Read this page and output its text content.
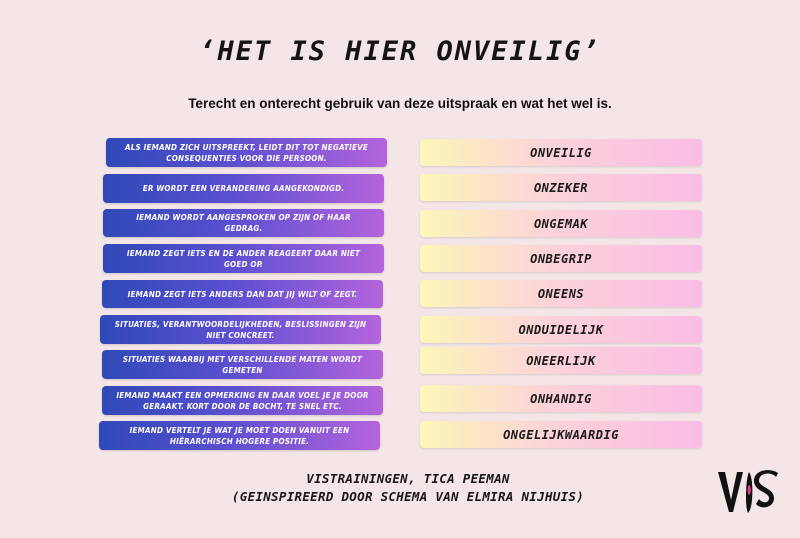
‘HET IS HIER ONVEILIG’
Terecht en onterecht gebruik van deze uitspraak en wat het wel is.
ALS IEMAND ZICH UITSPREEKT, LEIDT DIT TOT NEGATIEVE CONSEQUENTIES VOOR DIE PERSOON.
ER WORDT EEN VERANDERING AANGEKONDIGD.
IEMAND WORDT AANGESPROKEN OP ZIJN OF HAAR GEDRAG.
IEMAND ZEGT IETS EN DE ANDER REAGEERT DAAR NIET GOED OP.
IEMAND ZEGT IETS ANDERS DAN DAT JIJ WILT OF ZEGT.
SITUATIES, VERANTWOORDELIJKHEDEN, BESLISSINGEN ZIJN NIET CONCREET.
SITUATIES WAARBIJ MET VERSCHILLENDE MATEN WORDT GEMETEN
IEMAND MAAKT EEN OPMERKING EN DAAR VOEL JE JE DOOR GERAAKT. KORT DOOR DE BOCHT, TE SNEL ETC.
IEMAND VERTELT JE WAT JE MOET DOEN VANUIT EEN HIËRARCHISCH HOGERE POSITIE.
ONVEILIG
ONZEKER
ONGEMAK
ONBEGRIP
ONEENS
ONDUIDELIJK
ONEERLIJK
ONHANDIG
ONGELIJKWAARDIG
VISTRAININGEN, TICA PEEMAN
(GEINSPIREERD DOOR SCHEMA VAN ELMIRA NIJHUIS)
